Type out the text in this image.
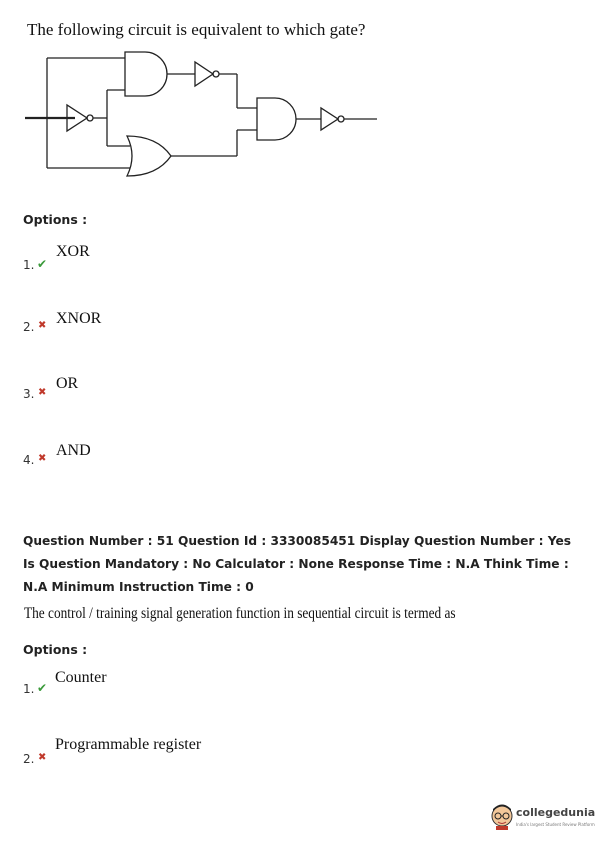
The following circuit is equivalent to which gate?
Options :
1. ✔
XOR
2. ✖ XNOR
3. ✖
OR
4. ✖ AND
Question Number : 51 Question Id : 3330085451 Display Question Number : Yes Is Question Mandatory : No Calculator : None Response Time : N.A Think Time : N.A Minimum Instruction Time : 0
The control / training signal generation function in sequential circuit is termed as
Options :
1. ✔
Counter
2. ✖
Programmable register
collegedunia
India's largest Student Review Platform
